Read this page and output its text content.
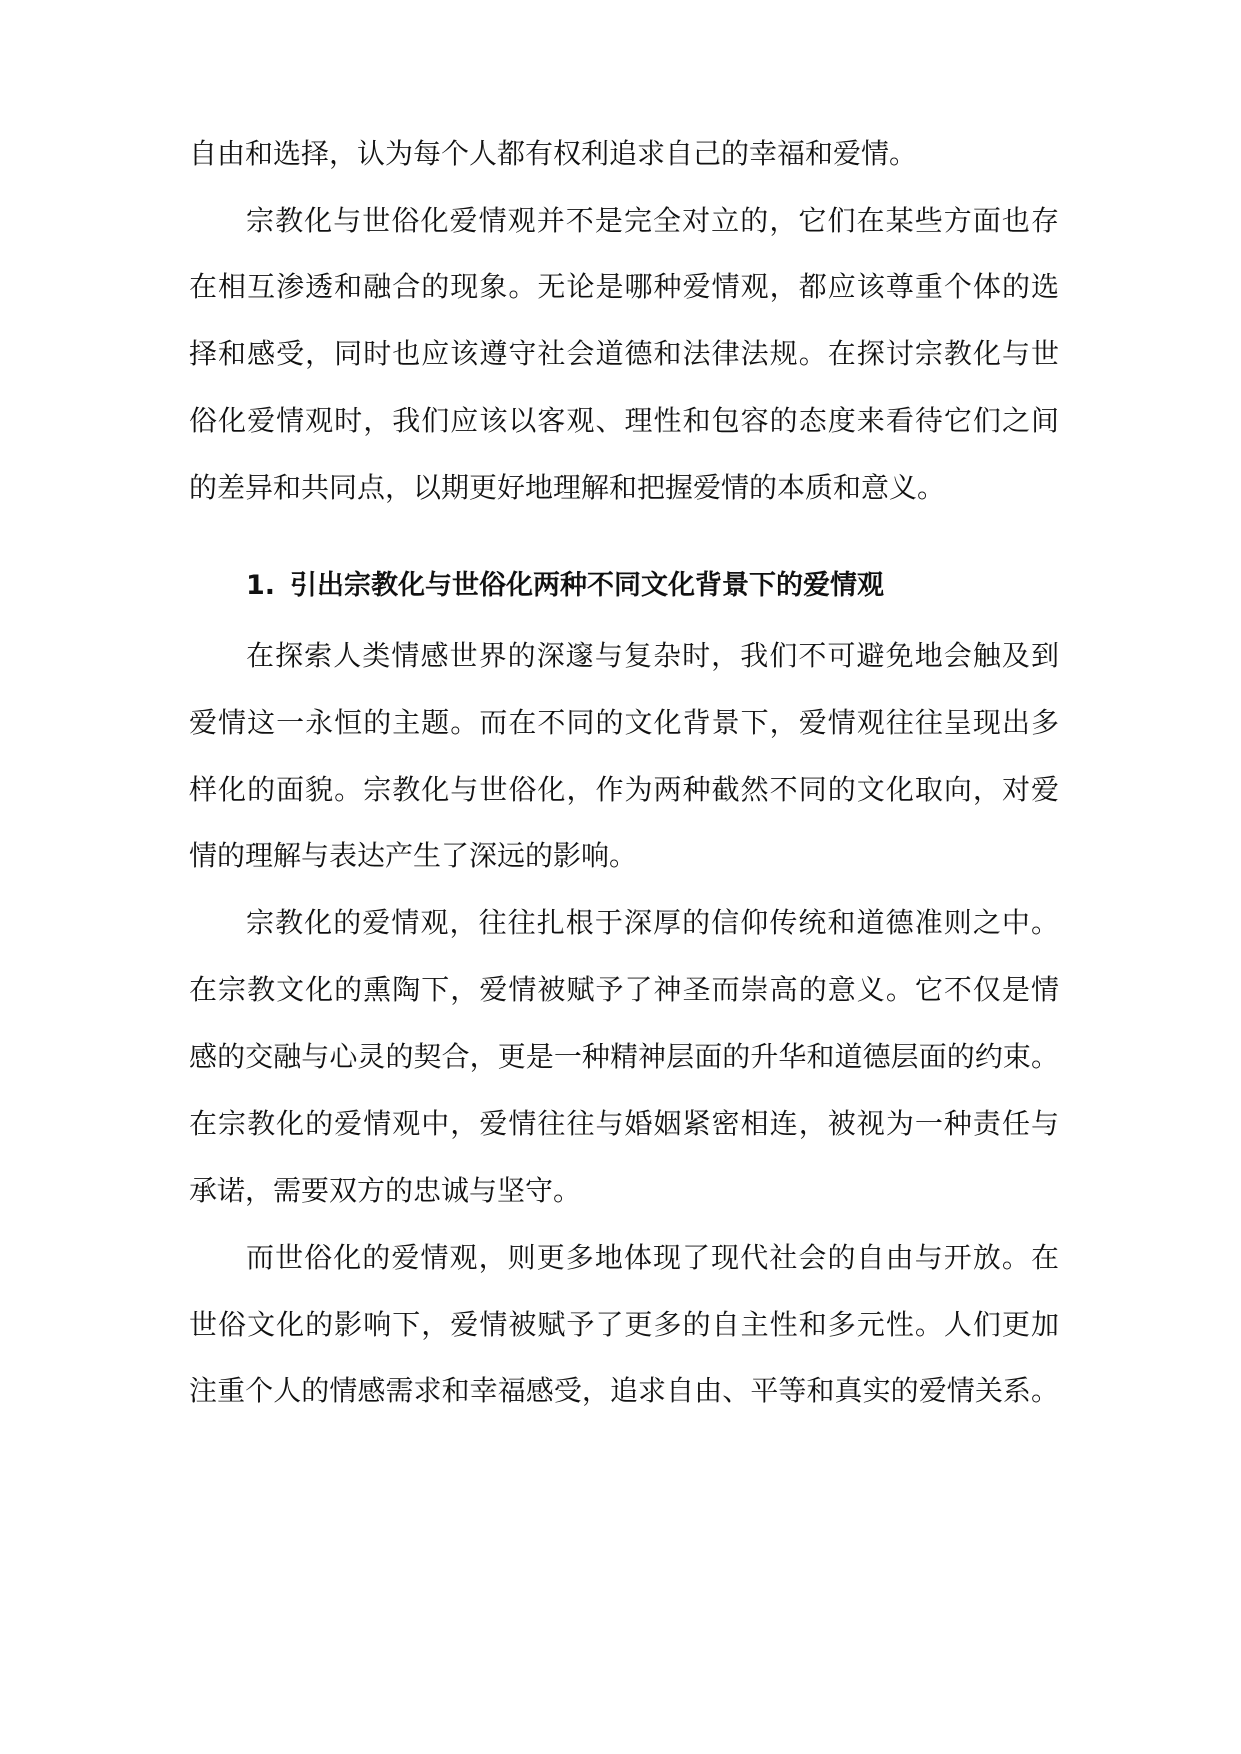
自由和选择，认为每个人都有权利追求自己的幸福和爱情。
宗教化与世俗化爱情观并不是完全对立的，它们在某些方面也存
在相互渗透和融合的现象。无论是哪种爱情观，都应该尊重个体的选
择和感受，同时也应该遵守社会道德和法律法规。在探讨宗教化与世
俗化爱情观时，我们应该以客观、理性和包容的态度来看待它们之间
的差异和共同点，以期更好地理解和把握爱情的本质和意义。
1. 引出宗教化与世俗化两种不同文化背景下的爱情观
在探索人类情感世界的深邃与复杂时，我们不可避免地会触及到
爱情这一永恒的主题。而在不同的文化背景下，爱情观往往呈现出多
样化的面貌。宗教化与世俗化，作为两种截然不同的文化取向，对爱
情的理解与表达产生了深远的影响。
宗教化的爱情观，往往扎根于深厚的信仰传统和道德准则之中。
在宗教文化的熏陶下，爱情被赋予了神圣而崇高的意义。它不仅是情
感的交融与心灵的契合，更是一种精神层面的升华和道德层面的约束。
在宗教化的爱情观中，爱情往往与婚姻紧密相连，被视为一种责任与
承诺，需要双方的忠诚与坚守。
而世俗化的爱情观，则更多地体现了现代社会的自由与开放。在
世俗文化的影响下，爱情被赋予了更多的自主性和多元性。人们更加
注重个人的情感需求和幸福感受，追求自由、平等和真实的爱情关系。
